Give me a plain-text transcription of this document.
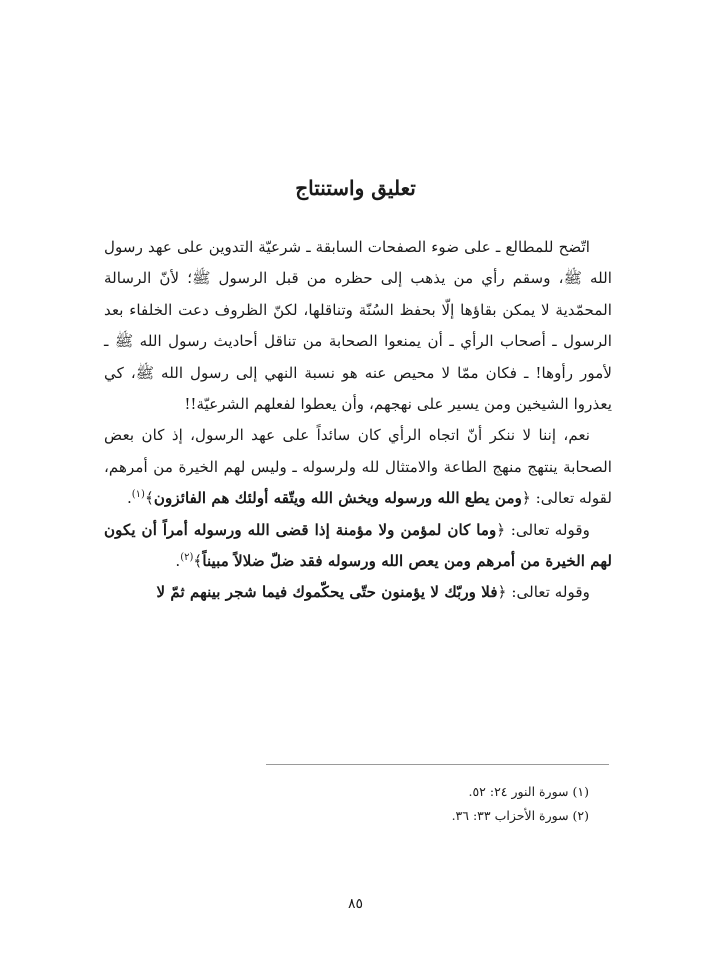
تعليق واستنتاج

اتّضح للمطالع ـ على ضوء الصفحات السابقة ـ شرعيّة التدوين على عهد رسول الله ﷺ، وسقم رأي من يذهب إلى حظره من قبل الرسول ﷺ؛ لأنّ الرسالة المحمّدية لا يمكن بقاؤها إلّا بحفظ السُنّة وتناقلها، لكنّ الظروف دعت الخلفاء بعد الرسول ـ أصحاب الرأي ـ أن يمنعوا الصحابة من تناقل أحاديث رسول الله ﷺ ـ لأمور رأوها! ـ فكان ممّا لا محيص عنه هو نسبة النهي إلى رسول الله ﷺ، كي يعذروا الشيخين ومن يسير على نهجهم، وأن يعطوا لفعلهم الشرعيّة!!

نعم، إننا لا ننكر أنّ اتجاه الرأي كان سائداً على عهد الرسول، إذ كان بعض الصحابة ينتهج منهج الطاعة والامتثال لله ولرسوله ـ وليس لهم الخيرة من أمرهم، لقوله تعالى: ﴿ومن يطع الله ورسوله ويخش الله ويتّقه أولئك هم الفائزون﴾$^{(١)}$.

وقوله تعالى: ﴿وما كان لمؤمن ولا مؤمنة إذا قضى الله ورسوله أمراً أن يكون لهم الخيرة من أمرهم ومن يعص الله ورسوله فقد ضلّ ضلالاً مبيناً﴾$^{(٢)}$.

وقوله تعالى: ﴿فلا وربّك لا يؤمنون حتّى يحكّموك فيما شجر بينهم ثمّ لا

(١) سورة النور ٢٤: ٥٢.
(٢) سورة الأحزاب ٣٣: ٣٦.
٨٥
